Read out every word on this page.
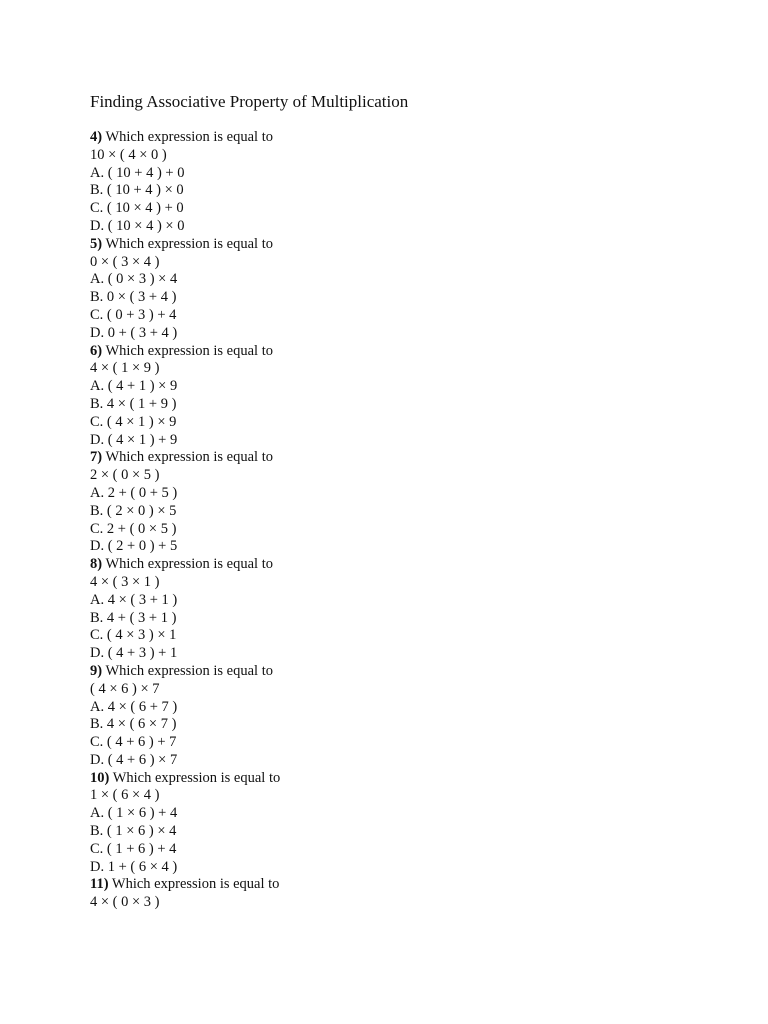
Finding Associative Property of Multiplication
4) Which expression is equal to
10 × ( 4 × 0 )
A. ( 10 + 4 ) + 0
B. ( 10 + 4 ) × 0
C. ( 10 × 4 ) + 0
D. ( 10 × 4 ) × 0
5) Which expression is equal to
0 × ( 3 × 4 )
A. ( 0 × 3 ) × 4
B. 0 × ( 3 + 4 )
C. ( 0 + 3 ) + 4
D. 0 + ( 3 + 4 )
6) Which expression is equal to
4 × ( 1 × 9 )
A. ( 4 + 1 ) × 9
B. 4 × ( 1 + 9 )
C. ( 4 × 1 ) × 9
D. ( 4 × 1 ) + 9
7) Which expression is equal to
2 × ( 0 × 5 )
A. 2 + ( 0 + 5 )
B. ( 2 × 0 ) × 5
C. 2 + ( 0 × 5 )
D. ( 2 + 0 ) + 5
8) Which expression is equal to
4 × ( 3 × 1 )
A. 4 × ( 3 + 1 )
B. 4 + ( 3 + 1 )
C. ( 4 × 3 ) × 1
D. ( 4 + 3 ) + 1
9) Which expression is equal to
( 4 × 6 ) × 7
A. 4 × ( 6 + 7 )
B. 4 × ( 6 × 7 )
C. ( 4 + 6 ) + 7
D. ( 4 + 6 ) × 7
10) Which expression is equal to
1 × ( 6 × 4 )
A. ( 1 × 6 ) + 4
B. ( 1 × 6 ) × 4
C. ( 1 + 6 ) + 4
D. 1 + ( 6 × 4 )
11) Which expression is equal to
4 × ( 0 × 3 )
